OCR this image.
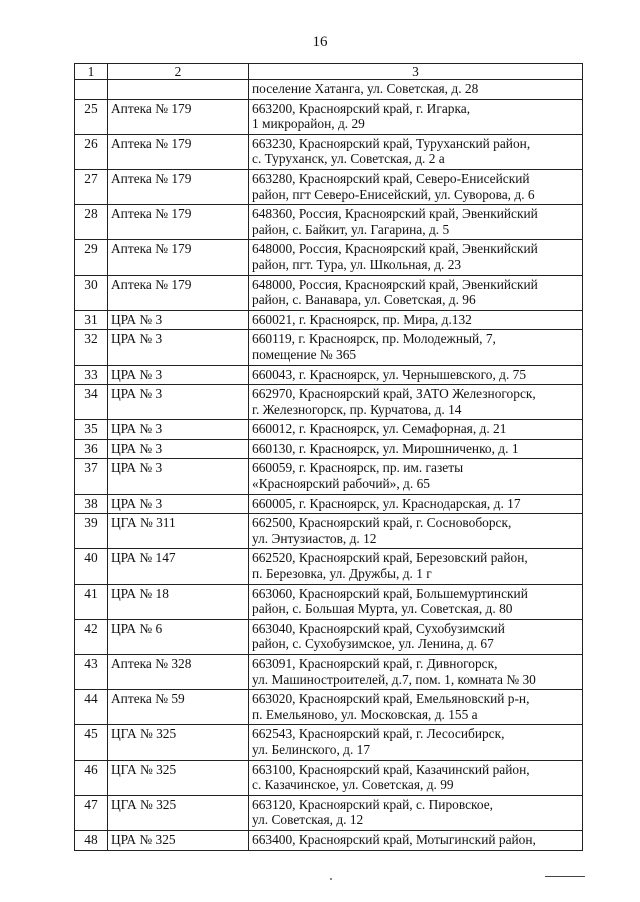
16
1	2	3

		поселение Хатанга, ул. Советская, д. 28

25	Аптека № 179	663200, Красноярский край, г. Игарка,
1 микрорайон, д. 29

26	Аптека № 179	663230, Красноярский край, Туруханский район,
с. Туруханск, ул. Советская, д. 2 а

27	Аптека № 179	663280, Красноярский край, Северо-Енисейский
район, пгт Северо-Енисейский, ул. Суворова, д. 6

28	Аптека № 179	648360, Россия, Красноярский край, Эвенкийский
район, с. Байкит, ул. Гагарина, д. 5

29	Аптека № 179	648000, Россия, Красноярский край, Эвенкийский
район, пгт. Тура, ул. Школьная, д. 23

30	Аптека № 179	648000, Россия, Красноярский край, Эвенкийский
район, с. Ванавара, ул. Советская, д. 96

31	ЦРА № 3	660021, г. Красноярск, пр. Мира, д.132

32	ЦРА № 3	660119, г. Красноярск, пр. Молодежный, 7,
помещение № 365

33	ЦРА № 3	660043, г. Красноярск, ул. Чернышевского, д. 75

34	ЦРА № 3	662970, Красноярский край, ЗАТО Железногорск,
г. Железногорск, пр. Курчатова, д. 14

35	ЦРА № 3	660012, г. Красноярск, ул. Семафорная, д. 21

36	ЦРА № 3	660130, г. Красноярск, ул. Мирошниченко, д. 1

37	ЦРА № 3	660059, г. Красноярск, пр. им. газеты
«Красноярский рабочий», д. 65

38	ЦРА № 3	660005, г. Красноярск, ул. Краснодарская, д. 17

39	ЦГА № 311	662500, Красноярский край, г. Сосновоборск,
ул. Энтузиастов, д. 12

40	ЦРА № 147	662520, Красноярский край, Березовский район,
п. Березовка, ул. Дружбы, д. 1 г

41	ЦРА № 18	663060, Красноярский край, Большемуртинский
район, с. Большая Мурта, ул. Советская, д. 80

42	ЦРА № 6	663040, Красноярский край, Сухобузимский
район, с. Сухобузимское, ул. Ленина, д. 67

43	Аптека № 328	663091, Красноярский край, г. Дивногорск,
ул. Машиностроителей, д.7, пом. 1, комната № 30

44	Аптека № 59	663020, Красноярский край, Емельяновский р-н,
п. Емельяново, ул. Московская, д. 155 а

45	ЦГА № 325	662543, Красноярский край, г. Лесосибирск,
ул. Белинского, д. 17

46	ЦГА № 325	663100, Красноярский край, Казачинский район,
с. Казачинское, ул. Советская, д. 99

47	ЦГА № 325	663120, Красноярский край, с. Пировское,
ул. Советская, д. 12

48	ЦРА № 325	663400, Красноярский край, Мотыгинский район,
